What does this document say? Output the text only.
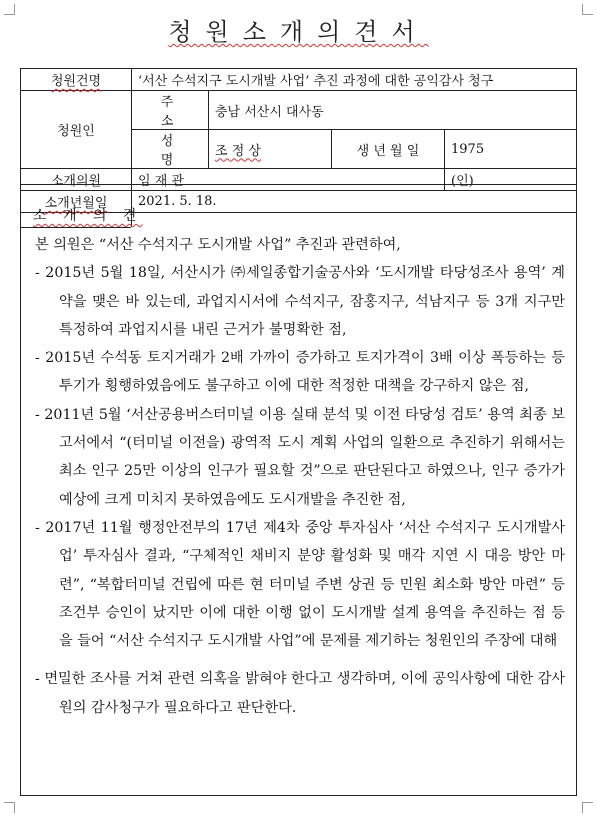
청원소개의견서
청원건명	‘서산 수석지구 도시개발 사업’ 추진 과정에 대한 공익감사 청구			
청원인	주 소	충남 서산시 대사동		
	성 명	조 정 상	생 년 월 일	1975
소개의원	임 재 관			(인)
소개년월일	2021. 5. 18.			
소 개 의 견

본 의원은 “서산 수석지구 도시개발 사업” 추진과 관련하여,

- 2015년 5월 18일, 서산시가 ㈜세일종합기술공사와 ‘도시개발 타당성조사 용역’ 계약을 맺은 바 있는데, 과업지시서에 수석지구, 잠홍지구, 석남지구 등 3개 지구만 특정하여 과업지시를 내린 근거가 불명확한 점,

- 2015년 수석동 토지거래가 2배 가까이 증가하고 토지가격이 3배 이상 폭등하는 등 투기가 횡행하였음에도 불구하고 이에 대한 적정한 대책을 강구하지 않은 점,

- 2011년 5월 ‘서산공용버스터미널 이용 실태 분석 및 이전 타당성 검토’ 용역 최종 보고서에서 “(터미널 이전을) 광역적 도시 계획 사업의 일환으로 추진하기 위해서는 최소 인구 25만 이상의 인구가 필요할 것”으로 판단된다고 하였으나, 인구 증가가 예상에 크게 미치지 못하였음에도 도시개발을 추진한 점,

- 2017년 11월 행정안전부의 17년 제4차 중앙 투자심사 ‘서산 수석지구 도시개발사업’ 투자심사 결과, “구체적인 채비지 분양 활성화 및 매각 지연 시 대응 방안 마련”, “복합터미널 건립에 따른 현 터미널 주변 상권 등 민원 최소화 방안 마련” 등 조건부 승인이 났지만 이에 대한 이행 없이 도시개발 설계 용역을 추진하는 점 등을 들어 “서산 수석지구 도시개발 사업”에 문제를 제기하는 청원인의 주장에 대해

- 면밀한 조사를 거쳐 관련 의혹을 밝혀야 한다고 생각하며, 이에 공익사항에 대한 감사원의 감사청구가 필요하다고 판단한다.
